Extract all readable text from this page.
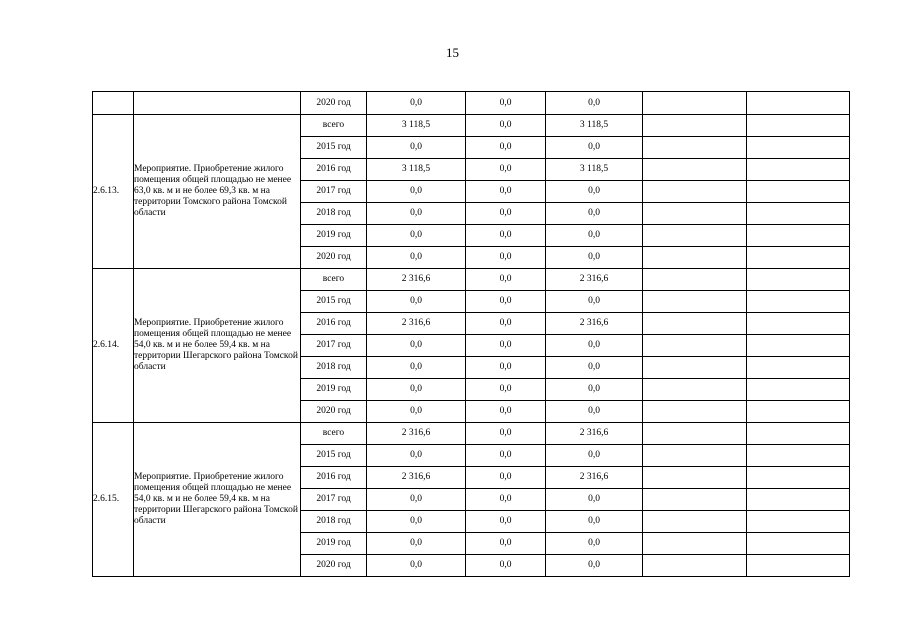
15
		2020 год	0,0	0,0	0,0		
2.6.13.	Мероприятие. Приобретение жилого помещения общей площадью не менее 63,0 кв. м и не более 69,3 кв. м на территории Томского района Томской области	всего	3 118,5	0,0	3 118,5		
		2015 год	0,0	0,0	0,0		
		2016 год	3 118,5	0,0	3 118,5		
		2017 год	0,0	0,0	0,0		
		2018 год	0,0	0,0	0,0		
		2019 год	0,0	0,0	0,0		
		2020 год	0,0	0,0	0,0		
2.6.14.	Мероприятие. Приобретение жилого помещения общей площадью не менее 54,0 кв. м и не более 59,4 кв. м на территории Шегарского района Томской области	всего	2 316,6	0,0	2 316,6		
		2015 год	0,0	0,0	0,0		
		2016 год	2 316,6	0,0	2 316,6		
		2017 год	0,0	0,0	0,0		
		2018 год	0,0	0,0	0,0		
		2019 год	0,0	0,0	0,0		
		2020 год	0,0	0,0	0,0		
2.6.15.	Мероприятие. Приобретение жилого помещения общей площадью не менее 54,0 кв. м и не более 59,4 кв. м на территории Шегарского района Томской области	всего	2 316,6	0,0	2 316,6		
		2015 год	0,0	0,0	0,0		
		2016 год	2 316,6	0,0	2 316,6		
		2017 год	0,0	0,0	0,0		
		2018 год	0,0	0,0	0,0		
		2019 год	0,0	0,0	0,0		
		2020 год	0,0	0,0	0,0		
